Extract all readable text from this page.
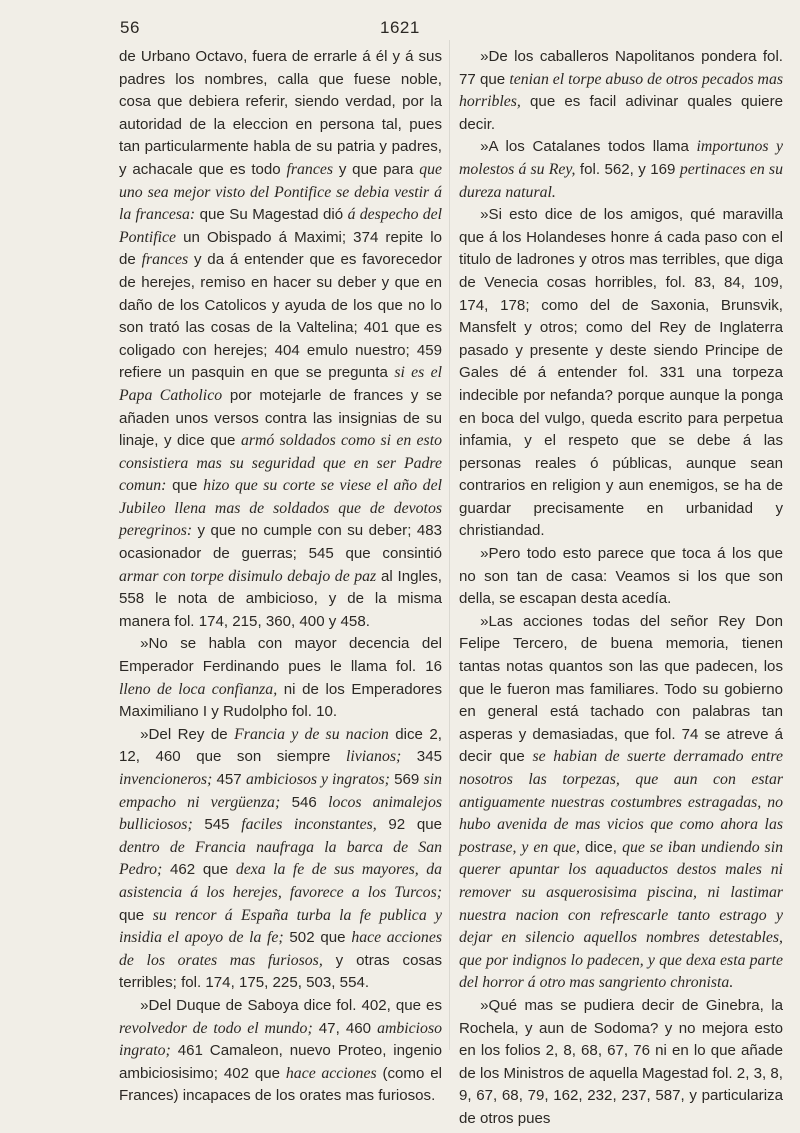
56	1621

de Urbano Octavo, fuera de errarle á él y á sus padres los nombres, calla que fuese noble, cosa que debiera referir, siendo verdad, por la autoridad de la eleccion en persona tal, pues tan particularmente habla de su patria y padres, y achacale que es todo frances y que para que uno sea mejor visto del Pontifice se debia vestir á la francesa: que Su Magestad dió á despecho del Pontifice un Obispado á Maximi; 374 repite lo de frances y da á entender que es favorecedor de herejes, remiso en hacer su deber y que en daño de los Catolicos y ayuda de los que no lo son trató las cosas de la Valtelina; 401 que es coligado con herejes; 404 emulo nuestro; 459 refiere un pasquin en que se pregunta si es el Papa Catholico por motejarle de frances y se añaden unos versos contra las insignias de su linaje, y dice que armó soldados como si en esto consistiera mas su seguridad que en ser Padre comun: que hizo que su corte se viese el año del Jubileo llena mas de soldados que de devotos peregrinos: y que no cumple con su deber; 483 ocasionador de guerras; 545 que consintió armar con torpe disimulo debajo de paz al Ingles, 558 le nota de ambicioso, y de la misma manera fol. 174, 215, 360, 400 y 458.

»No se habla con mayor decencia del Emperador Ferdinando pues le llama fol. 16 lleno de loca confianza, ni de los Emperadores Maximiliano I y Rudolpho fol. 10.

»Del Rey de Francia y de su nacion dice 2, 12, 460 que son siempre livianos; 345 invencioneros; 457 ambiciosos y ingratos; 569 sin empacho ni vergüenza; 546 locos animalejos bulliciosos; 545 faciles inconstantes, 92 que dentro de Francia naufraga la barca de San Pedro; 462 que dexa la fe de sus mayores, da asistencia á los herejes, favorece a los Turcos; que su rencor á España turba la fe publica y insidia el apoyo de la fe; 502 que hace acciones de los orates mas furiosos, y otras cosas terribles; fol. 174, 175, 225, 503, 554.

»Del Duque de Saboya dice fol. 402, que es revolvedor de todo el mundo; 47, 460 ambicioso ingrato; 461 Camaleon, nuevo Proteo, ingenio ambiciosisimo; 402 que hace acciones (como el Frances) incapaces de los orates mas furiosos.

»De los caballeros Napolitanos pondera fol. 77 que tenian el torpe abuso de otros pecados mas horribles, que es facil adivinar quales quiere decir.

»A los Catalanes todos llama importunos y molestos á su Rey, fol. 562, y 169 pertinaces en su dureza natural.

»Si esto dice de los amigos, qué maravilla que á los Holandeses honre á cada paso con el titulo de ladrones y otros mas terribles, que diga de Venecia cosas horribles, fol. 83, 84, 109, 174, 178; como del de Saxonia, Brunsvik, Mansfelt y otros; como del Rey de Inglaterra pasado y presente y deste siendo Principe de Gales dé á entender fol. 331 una torpeza indecible por nefanda? porque aunque la ponga en boca del vulgo, queda escrito para perpetua infamia, y el respeto que se debe á las personas reales ó públicas, aunque sean contrarios en religion y aun enemigos, se ha de guardar precisamente en urbanidad y christiandad.

»Pero todo esto parece que toca á los que no son tan de casa: Veamos si los que son della, se escapan desta acedía.

»Las acciones todas del señor Rey Don Felipe Tercero, de buena memoria, tienen tantas notas quantos son las que padecen, los que le fueron mas familiares. Todo su gobierno en general está tachado con palabras tan asperas y demasiadas, que fol. 74 se atreve á decir que se habian de suerte derramado entre nosotros las torpezas, que aun con estar antiguamente nuestras costumbres estragadas, no hubo avenida de mas vicios que como ahora las postrase, y en que, dice, que se iban undiendo sin querer apuntar los aquaductos destos males ni remover su asquerosisima piscina, ni lastimar nuestra nacion con refrescarle tanto estrago y dejar en silencio aquellos nombres detestables, que por indignos lo padecen, y que dexa esta parte del horror á otro mas sangriento chronista.

»Qué mas se pudiera decir de Ginebra, la Rochela, y aun de Sodoma? y no mejora esto en los folios 2, 8, 68, 67, 76 ni en lo que añade de los Ministros de aquella Magestad fol. 2, 3, 8, 9, 67, 68, 79, 162, 232, 237, 587, y particulariza de otros pues
